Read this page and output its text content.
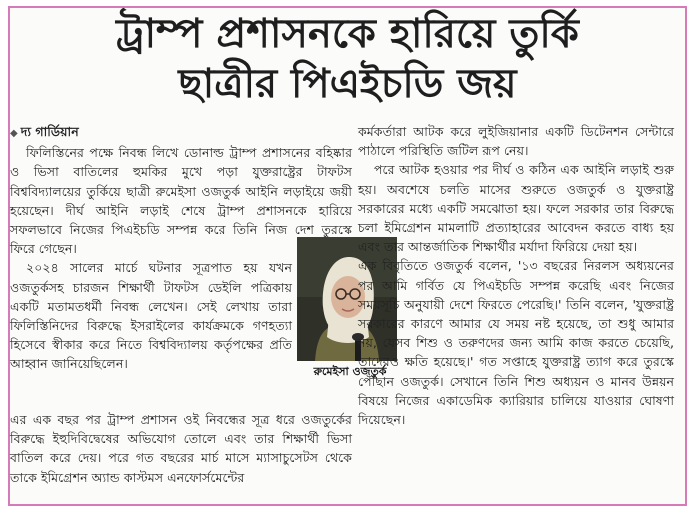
ট্রাম্প প্রশাসনকে হারিয়ে তুর্কি
ছাত্রীর পিএইচডি জয়
◆ দ্য গার্ডিয়ান

ফিলিস্তিনের পক্ষে নিবন্ধ লিখে ডোনাল্ড ট্রাম্প প্রশাসনের বহিষ্কার ও ভিসা বাতিলের হুমকির মুখে পড়া যুক্তরাষ্ট্রের টাফটস বিশ্ববিদ্যালয়ের তুর্কিয়ে ছাত্রী রুমেইসা ওজতুর্ক আইনি লড়াইয়ে জয়ী হয়েছেন। দীর্ঘ আইনি লড়াই শেষে ট্রাম্প প্রশাসনকে হারিয়ে সফলভাবে নিজের পিএইচডি সম্পন্ন করে তিনি নিজ দেশ তুরস্কে ফিরে গেছেন।

২০২৪ সালের মার্চে ঘটনার সূত্রপাত হয় যখন ওজতুর্কসহ চারজন শিক্ষার্থী টাফটস ডেইলি পত্রিকায় একটি মতামতধর্মী নিবন্ধ লেখেন। সেই লেখায় তারা ফিলিস্তিনিদের বিরুদ্ধে ইসরাইলের কার্যক্রমকে গণহত্যা হিসেবে স্বীকার করে নিতে বিশ্ববিদ্যালয় কর্তৃপক্ষের প্রতি আহ্বান জানিয়েছিলেন।

এর এক বছর পর ট্রাম্প প্রশাসন ওই নিবন্ধের সূত্র ধরে ওজতুর্কের বিরুদ্ধে ইহুদিবিদ্বেষের অভিযোগ তোলে এবং তার শিক্ষার্থী ভিসা বাতিল করে দেয়। পরে গত বছরের মার্চ মাসে ম্যাসাচুসেটস থেকে তাকে ইমিগ্রেশন অ্যান্ড কাস্টমস এনফোর্সমেন্টের

রুমেইসা ওজতুর্ক

কর্মকর্তারা আটক করে লুইজিয়ানার একটি ডিটেনশন সেন্টারে পাঠালে পরিস্থিতি জটিল রূপ নেয়।

পরে আটক হওয়ার পর দীর্ঘ ও কঠিন এক আইনি লড়াই শুরু হয়। অবশেষে চলতি মাসের শুরুতে ওজতুর্ক ও যুক্তরাষ্ট্র সরকারের মধ্যে একটি সমঝোতা হয়। ফলে সরকার তার বিরুদ্ধে চলা ইমিগ্রেশন মামলাটি প্রত্যাহারের আবেদন করতে বাধ্য হয় এবং তার আন্তর্জাতিক শিক্ষার্থীর মর্যাদা ফিরিয়ে দেয়া হয়।

এক বিবৃতিতে ওজতুর্ক বলেন, '১৩ বছরের নিরলস অধ্যয়নের পর আমি গর্বিত যে পিএইচডি সম্পন্ন করেছি এবং নিজের সময়সূচি অনুযায়ী দেশে ফিরতে পেরেছি।' তিনি বলেন, 'যুক্তরাষ্ট্র সরকারের কারণে আমার যে সময় নষ্ট হয়েছে, তা শুধু আমার নয়, যেসব শিশু ও তরুণদের জন্য আমি কাজ করতে চেয়েছি, তাদেরও ক্ষতি হয়েছে।' গত সপ্তাহে যুক্তরাষ্ট্র ত্যাগ করে তুরস্কে পৌঁছান ওজতুর্ক। সেখানে তিনি শিশু অধ্যয়ন ও মানব উন্নয়ন বিষয়ে নিজের একাডেমিক ক্যারিয়ার চালিয়ে যাওয়ার ঘোষণা দিয়েছেন।
